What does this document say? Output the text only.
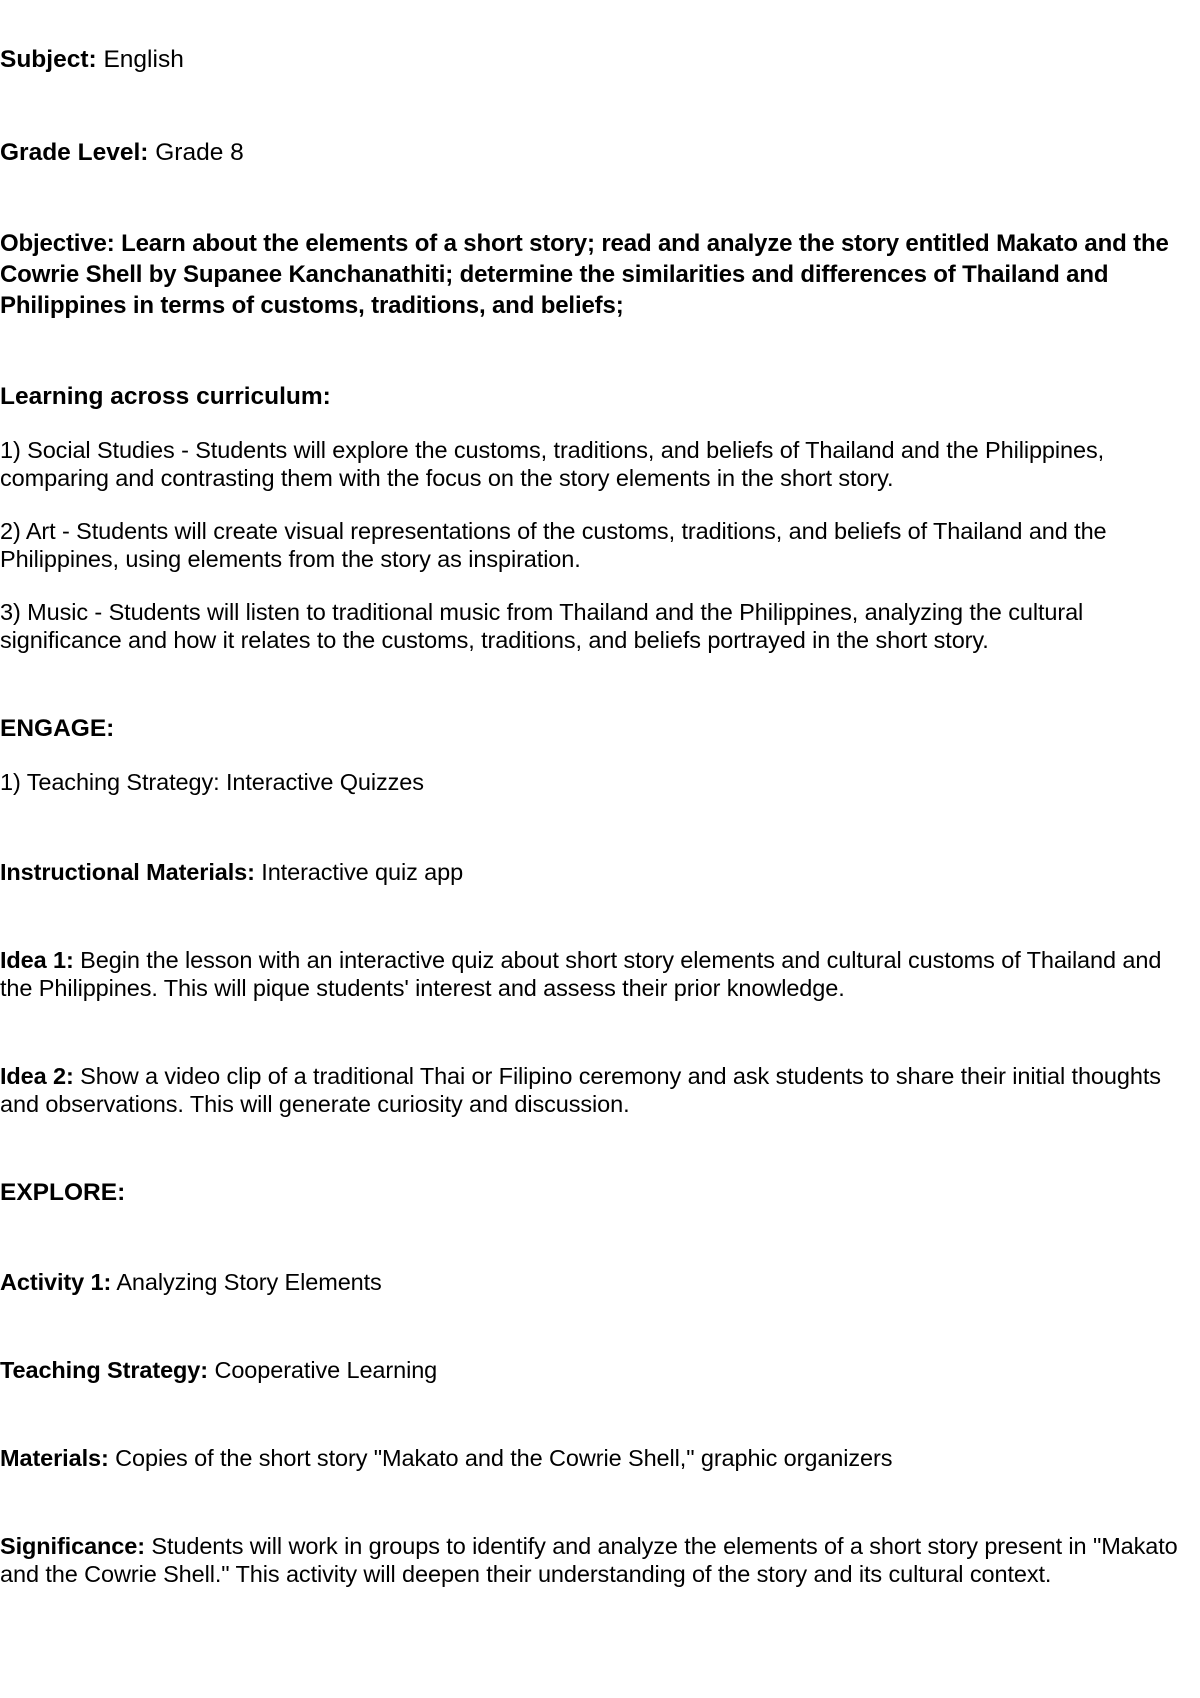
Subject: English

Grade Level: Grade 8

Objective: Learn about the elements of a short story; read and analyze the story entitled Makato and the Cowrie Shell by Supanee Kanchanathiti; determine the similarities and differences of Thailand and Philippines in terms of customs, traditions, and beliefs;

Learning across curriculum:

1) Social Studies - Students will explore the customs, traditions, and beliefs of Thailand and the Philippines, comparing and contrasting them with the focus on the story elements in the short story.

2) Art - Students will create visual representations of the customs, traditions, and beliefs of Thailand and the Philippines, using elements from the story as inspiration.

3) Music - Students will listen to traditional music from Thailand and the Philippines, analyzing the cultural significance and how it relates to the customs, traditions, and beliefs portrayed in the short story.

ENGAGE:

1) Teaching Strategy: Interactive Quizzes

Instructional Materials: Interactive quiz app

Idea 1: Begin the lesson with an interactive quiz about short story elements and cultural customs of Thailand and the Philippines. This will pique students' interest and assess their prior knowledge.

Idea 2: Show a video clip of a traditional Thai or Filipino ceremony and ask students to share their initial thoughts and observations. This will generate curiosity and discussion.

EXPLORE:

Activity 1: Analyzing Story Elements

Teaching Strategy: Cooperative Learning

Materials: Copies of the short story "Makato and the Cowrie Shell," graphic organizers

Significance: Students will work in groups to identify and analyze the elements of a short story present in "Makato and the Cowrie Shell." This activity will deepen their understanding of the story and its cultural context.
